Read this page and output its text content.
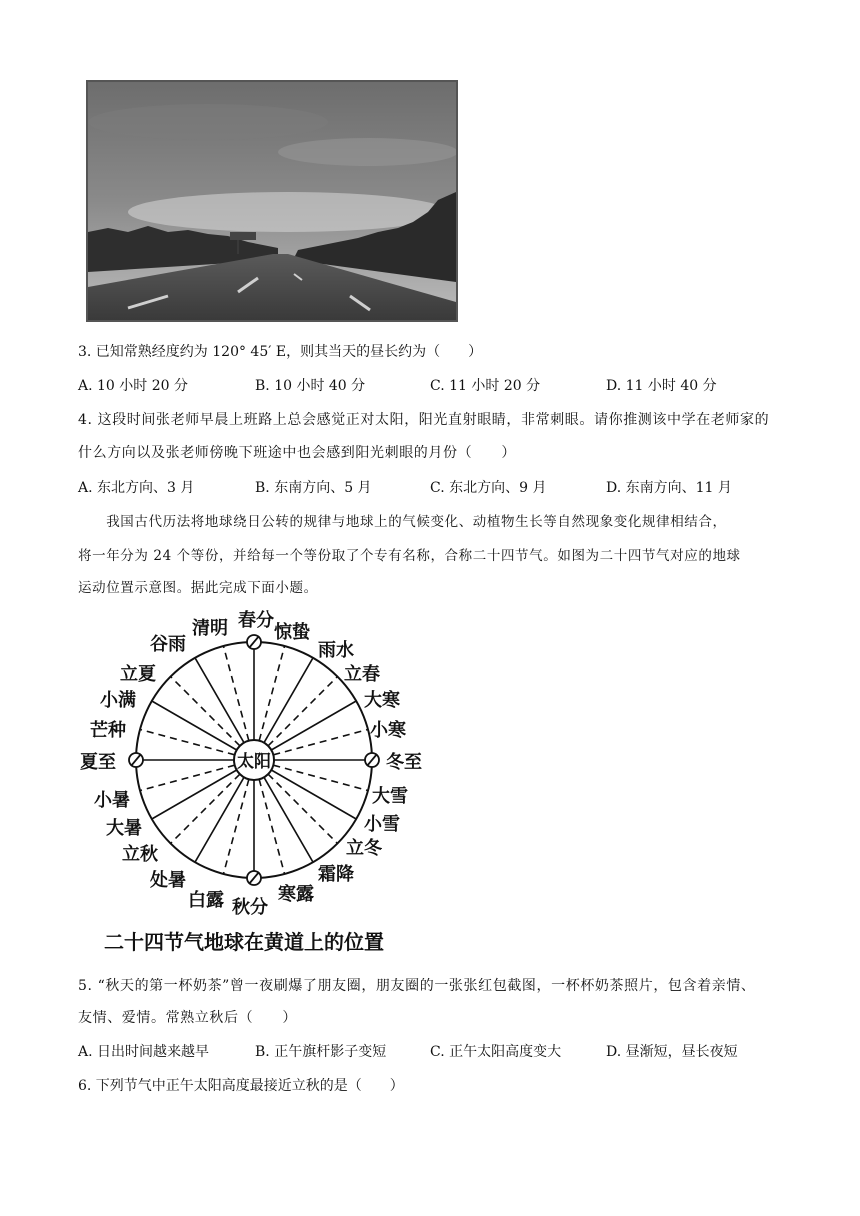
3. 已知常熟经度约为 120° 45′ E，则其当天的昼长约为（　　）
A. 10 小时 20 分	B. 10 小时 40 分	C. 11 小时 20 分	D. 11 小时 40 分
4. 这段时间张老师早晨上班路上总会感觉正对太阳，阳光直射眼睛，非常刺眼。请你推测该中学在老师家的
什么方向以及张老师傍晚下班途中也会感到阳光刺眼的月份（　　）
A. 东北方向、3 月	B. 东南方向、5 月	C. 东北方向、9 月	D. 东南方向、11 月
　　我国古代历法将地球绕日公转的规律与地球上的气候变化、动植物生长等自然现象变化规律相结合，
将一年分为 24 个等份，并给每一个等份取了个专有名称，合称二十四节气。如图为二十四节气对应的地球
运动位置示意图。据此完成下面小题。
太阳
春分
惊蛰
雨水
立春
大寒
小寒
冬至
大雪
小雪
立冬
霜降
寒露
秋分
白露
处暑
立秋
大暑
小暑
夏至
芒种
小满
立夏
谷雨
清明
二十四节气地球在黄道上的位置
5. “秋天的第一杯奶茶”曾一夜刷爆了朋友圈，朋友圈的一张张红包截图，一杯杯奶茶照片，包含着亲情、
友情、爱情。常熟立秋后（　　）
A. 日出时间越来越早	B. 正午旗杆影子变短	C. 正午太阳高度变大	D. 昼渐短，昼长夜短
6. 下列节气中正午太阳高度最接近立秋的是（　　）
